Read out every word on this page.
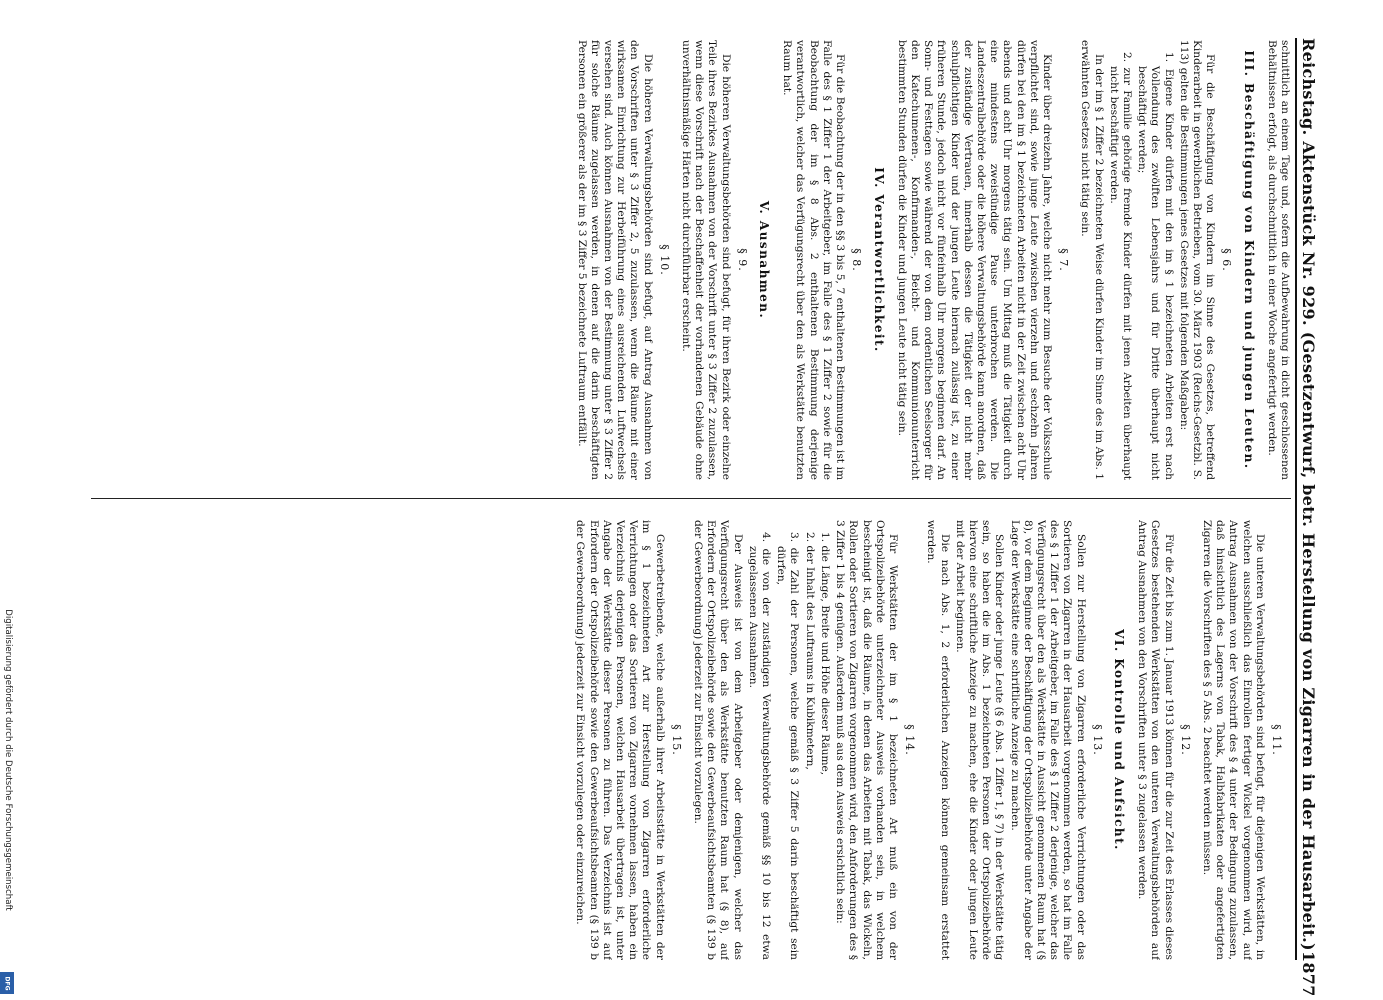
Reichstag. Aktenstück Nr. 929. (Gesetzentwurf, betr. Herstellung von Zigarren in der Hausarbeit.)
1877

schnittlich an einem Tage und, sofern die Aufbewahrung in dicht geschlossenen Behältnissen erfolgt, als durchschnittlich in einer Woche angefertigt werden.

III. Beschäftigung von Kindern und jungen Leuten.
§ 6.

Für die Beschäftigung von Kindern im Sinne des Gesetzes, betreffend Kinderarbeit in gewerblichen Betrieben, vom 30. März 1903 (Reichs-Gesetzbl. S. 113) gelten die Bestimmungen jenes Gesetzes mit folgenden Maßgaben:

1. Eigene Kinder dürfen mit den im § 1 bezeichneten Arbeiten erst nach Vollendung des zwölften Lebensjahrs und für Dritte überhaupt nicht beschäftigt werden;

2. zur Familie gehörige fremde Kinder dürfen mit jenen Arbeiten überhaupt nicht beschäftigt werden.

In der im § 1 Ziffer 2 bezeichneten Weise dürfen Kinder im Sinne des im Abs. 1 erwähnten Gesetzes nicht tätig sein.

§ 7.

Kinder über dreizehn Jahre, welche nicht mehr zum Besuche der Volksschule verpflichtet sind, sowie junge Leute zwischen vierzehn und sechzehn Jahren dürfen bei den im § 1 bezeichneten Arbeiten nicht in der Zeit zwischen acht Uhr abends und acht Uhr morgens tätig sein. Um Mittag muß die Tätigkeit durch eine mindestens zweistündige Pause unterbrochen werden. Die Landeszentralbehörde oder die höhere Verwaltungsbehörde kann anordnen, daß der zuständige Vertrauen, innerhalb dessen die Tätigkeit der nicht mehr schulpflichtigen Kinder und der jungen Leute hiernach zulässig ist, zu einer früheren Stunde, jedoch nicht vor fünfeinhalb Uhr morgens beginnen darf. An Sonn- und Festtagen sowie während der von dem ordentlichen Seelsorger für den Katechumenen-, Konfirmanden-, Beicht- und Kommunionunterricht bestimmten Stunden dürfen die Kinder und jungen Leute nicht tätig sein.

IV. Verantwortlichkeit.
§ 8.

Für die Beobachtung der in den §§ 3 bis 5, 7 enthaltenen Bestimmungen ist im Falle des § 1 Ziffer 1 der Arbeitgeber, im Falle des § 1 Ziffer 2 sowie für die Beobachtung der im § 8 Abs. 2 enthaltenen Bestimmung derjenige verantwortlich, welcher das Verfügungsrecht über den als Werkstätte benutzten Raum hat.

V. Ausnahmen.
§ 9.

Die höheren Verwaltungsbehörden sind befugt, für ihren Bezirk oder einzelne Teile ihres Bezirkes Ausnahmen von der Vorschrift unter § 3 Ziffer 2 zuzulassen, wenn diese Vorschrift nach der Beschaffenheit der vorhandenen Gebäude ohne unverhältnismäßige Härten nicht durchführbar erscheint.

§ 10.

Die höheren Verwaltungsbehörden sind befugt, auf Antrag Ausnahmen von den Vorschriften unter § 3 Ziffer 2, 5 zuzulassen, wenn die Räume mit einer wirksamen Einrichtung zur Herbeiführung eines ausreichenden Luftwechsels versehen sind. Auch können Ausnahmen von der Bestimmung unter § 3 Ziffer 2 für solche Räume zugelassen werden, in denen auf die darin beschäftigten Personen ein größerer als der im § 3 Ziffer 5 bezeichnete Luftraum entfällt.

§ 11.

Die unteren Verwaltungsbehörden sind befugt, für diejenigen Werkstätten, in welchen ausschließlich das Einrollen fertiger Wickel vorgenommen wird, auf Antrag Ausnahmen von der Vorschrift des § 4 unter der Bedingung zuzulassen, daß hinsichtlich des Lagerns von Tabak, Halbfabrikaten oder angefertigten Zigarren die Vorschriften des § 5 Abs. 2 beachtet werden müssen.

§ 12.

Für die Zeit bis zum 1. Januar 1913 können für die zur Zeit des Erlasses dieses Gesetzes bestehenden Werkstätten von den unteren Verwaltungsbehörden auf Antrag Ausnahmen von den Vorschriften unter § 3 zugelassen werden.

VI. Kontrolle und Aufsicht.
§ 13.

Sollen zur Herstellung von Zigarren erforderliche Verrichtungen oder das Sortieren von Zigarren in der Hausarbeit vorgenommen werden, so hat im Falle des § 1 Ziffer 1 der Arbeitgeber, im Falle des § 1 Ziffer 2 derjenige, welcher das Verfügungsrecht über den als Werkstätte in Aussicht genommenen Raum hat (§ 8), vor dem Beginne der Beschäftigung der Ortspolizeibehörde unter Angabe der Lage der Werkstätte eine schriftliche Anzeige zu machen.

Sollen Kinder oder junge Leute (§ 6 Abs. 1 Ziffer 1, § 7) in der Werkstätte tätig sein, so haben die im Abs. 1 bezeichneten Personen der Ortspolizeibehörde hiervon eine schriftliche Anzeige zu machen, ehe die Kinder oder jungen Leute mit der Arbeit beginnen.

Die nach Abs. 1, 2 erforderlichen Anzeigen können gemeinsam erstattet werden.

§ 14.

Für Werkstätten der im § 1 bezeichneten Art muß ein von der Ortspolizeibehörde unterzeichneter Ausweis vorhanden sein, in welchem bescheinigt ist, daß die Räume, in denen das Arbeiten mit Tabak, das Wickeln, Rollen oder Sortieren von Zigarren vorgenommen wird, den Anforderungen des § 3 Ziffer 1 bis 4 genügen. Außerdem muß aus dem Ausweis ersichtlich sein:

1. die Länge, Breite und Höhe dieser Räume,

2. der Inhalt des Luftraums in Kubikmetern,

3. die Zahl der Personen, welche gemäß § 3 Ziffer 5 darin beschäftigt sein dürfen,

4. die von der zuständigen Verwaltungsbehörde gemäß §§ 10 bis 12 etwa zugelassenen Ausnahmen.

Der Ausweis ist von dem Arbeitgeber oder demjenigen, welcher das Verfügungsrecht über den als Werkstätte benutzten Raum hat (§ 8), auf Erfordern der Ortspolizeibehörde sowie den Gewerbeaufsichtsbeamten (§ 139 b der Gewerbeordnung) jederzeit zur Einsicht vorzulegen.

§ 15.

Gewerbetreibende, welche außerhalb ihrer Arbeitsstätte in Werkstätten der im § 1 bezeichneten Art zur Herstellung von Zigarren erforderliche Verrichtungen oder das Sortieren von Zigarren vornehmen lassen, haben ein Verzeichnis derjenigen Personen, welchen Hausarbeit übertragen ist, unter Angabe der Werkstätte dieser Personen zu führen. Das Verzeichnis ist auf Erfordern der Ortspolizeibehörde sowie den Gewerbeaufsichtsbeamten (§ 139 b der Gewerbeordnung) jederzeit zur Einsicht vorzulegen oder einzureichen.

Digitalisierung gefördert durch die Deutsche Forschungsgemeinschaft
DFG
